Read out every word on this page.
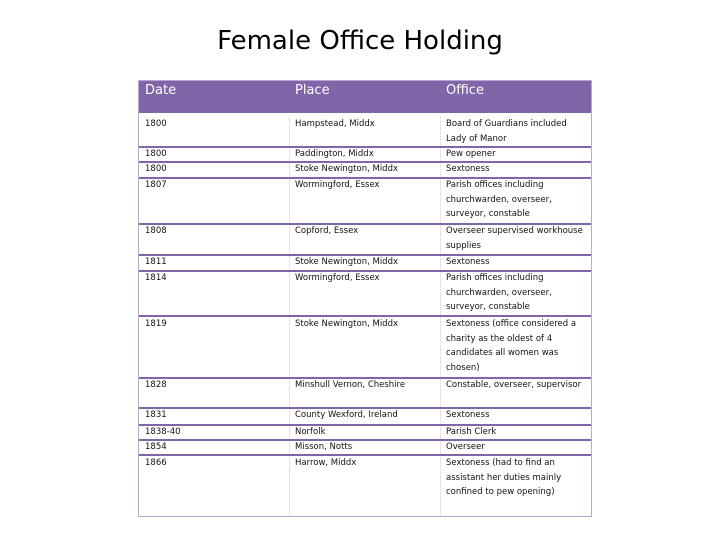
Female Office Holding
Date	Place	Office
1800	Hampstead, Middx	Board of Guardians included Lady of Manor
1800	Paddington, Middx	Pew opener
1800	Stoke Newington, Middx	Sextoness
1807	Wormingford, Essex	Parish offices including churchwarden, overseer, surveyor, constable
1808	Copford, Essex	Overseer supervised workhouse supplies
1811	Stoke Newington, Middx	Sextoness
1814	Wormingford, Essex	Parish offices including churchwarden, overseer, surveyor, constable
1819	Stoke Newington, Middx	Sextoness (office considered a charity as the oldest of 4 candidates all women was chosen)
1828	Minshull Vernon, Cheshire	Constable, overseer, supervisor
1831	County Wexford, Ireland	Sextoness
1838-40	Norfolk	Parish Clerk
1854	Misson, Notts	Overseer
1866	Harrow, Middx	Sextoness (had to find an assistant her duties mainly confined to pew opening)
